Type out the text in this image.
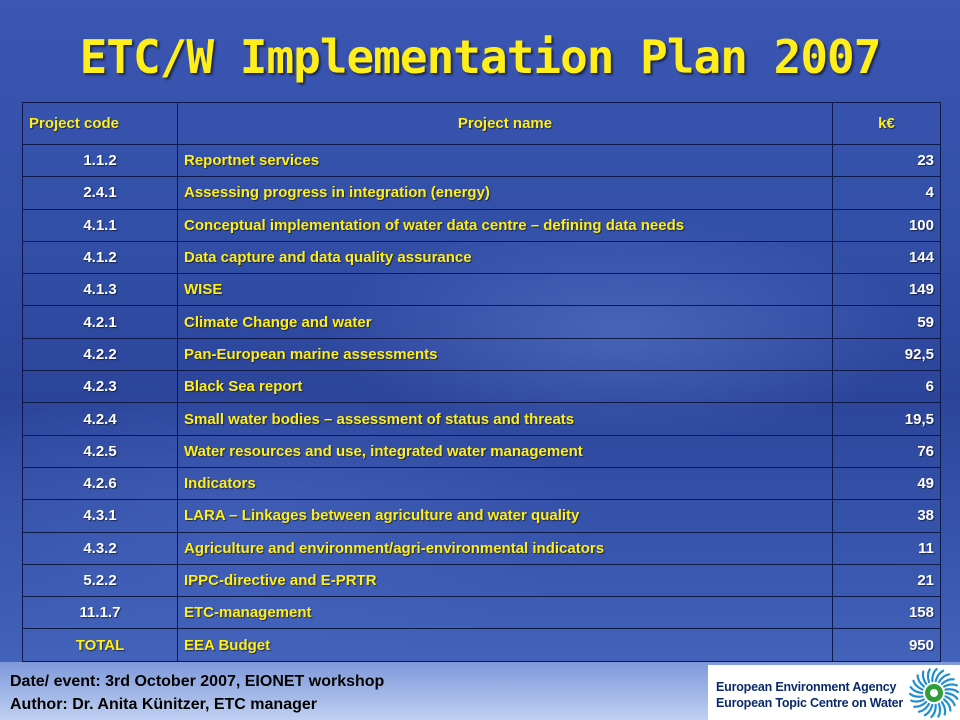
ETC/W Implementation Plan 2007
Project code	Project name	k€
1.1.2	Reportnet services	23
2.4.1	Assessing progress in integration (energy)	4
4.1.1	Conceptual implementation of water data centre – defining data needs	100
4.1.2	Data capture and data quality assurance	144
4.1.3	WISE	149
4.2.1	Climate Change and water	59
4.2.2	Pan-European marine assessments	92,5
4.2.3	Black Sea report	6
4.2.4	Small water bodies – assessment of status and threats	19,5
4.2.5	Water resources and use, integrated water management	76
4.2.6	Indicators	49
4.3.1	LARA – Linkages between agriculture and water quality	38
4.3.2	Agriculture and environment/agri-environmental indicators	11
5.2.2	IPPC-directive and E-PRTR	21
11.1.7	ETC-management	158
TOTAL	EEA Budget	950
Date/ event: 3rd October 2007, EIONET workshop
Author: Dr. Anita Künitzer, ETC manager
European Environment Agency
European Topic Centre on Water
